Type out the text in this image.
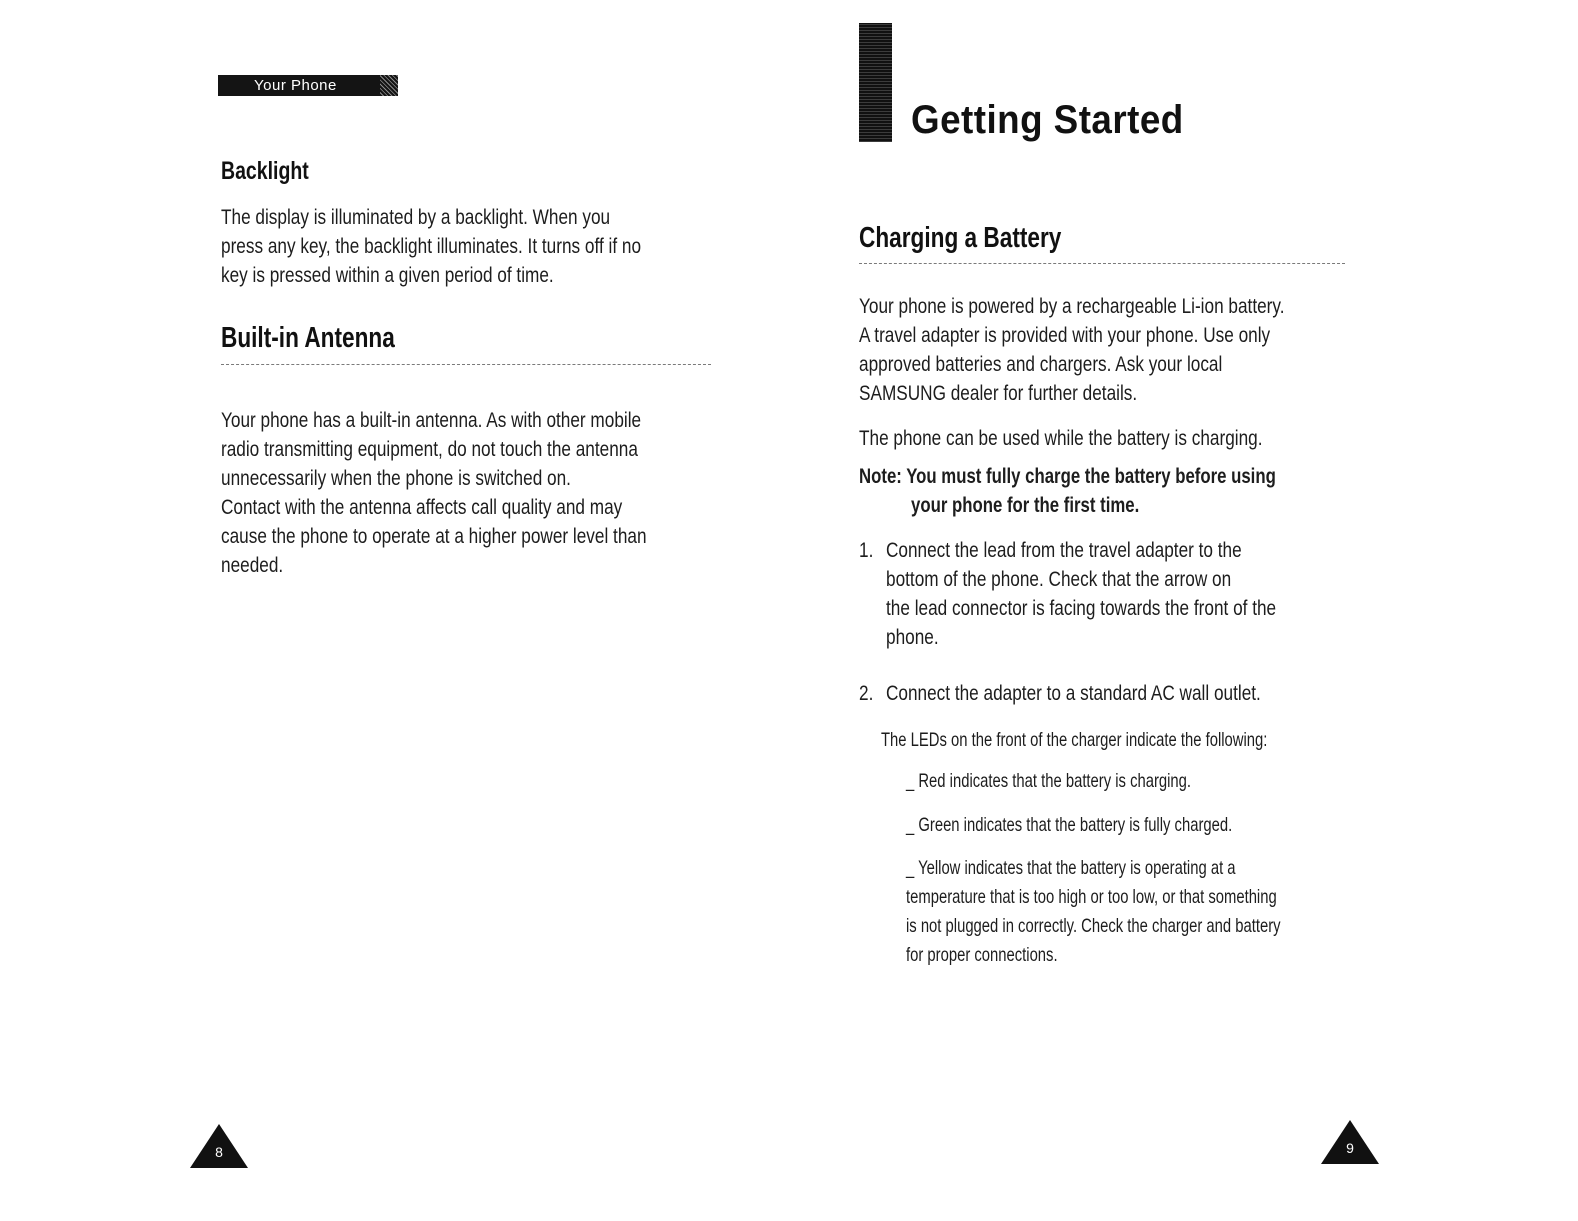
Your Phone
Backlight
The display is illuminated by a backlight. When you
press any key, the backlight illuminates. It turns off if no
key is pressed within a given period of time.
Built-in Antenna
Your phone has a built-in antenna. As with other mobile
radio transmitting equipment, do not touch the antenna
unnecessarily when the phone is switched on.
Contact with the antenna affects call quality and may
cause the phone to operate at a higher power level than
needed.
8
Getting Started
Charging a Battery
Your phone is powered by a rechargeable Li-ion battery.
A travel adapter is provided with your phone. Use only
approved batteries and chargers. Ask your local
SAMSUNG dealer for further details.
The phone can be used while the battery is charging.
Note: You must fully charge the battery before using
your phone for the first time.
1. Connect the lead from the travel adapter to the
bottom of the phone. Check that the arrow on
the lead connector is facing towards the front of the
phone.
2. Connect the adapter to a standard AC wall outlet.
The LEDs on the front of the charger indicate the following:
_ Red indicates that the battery is charging.
_ Green indicates that the battery is fully charged.
_ Yellow indicates that the battery is operating at a
temperature that is too high or too low, or that something
is not plugged in correctly. Check the charger and battery
for proper connections.
9
